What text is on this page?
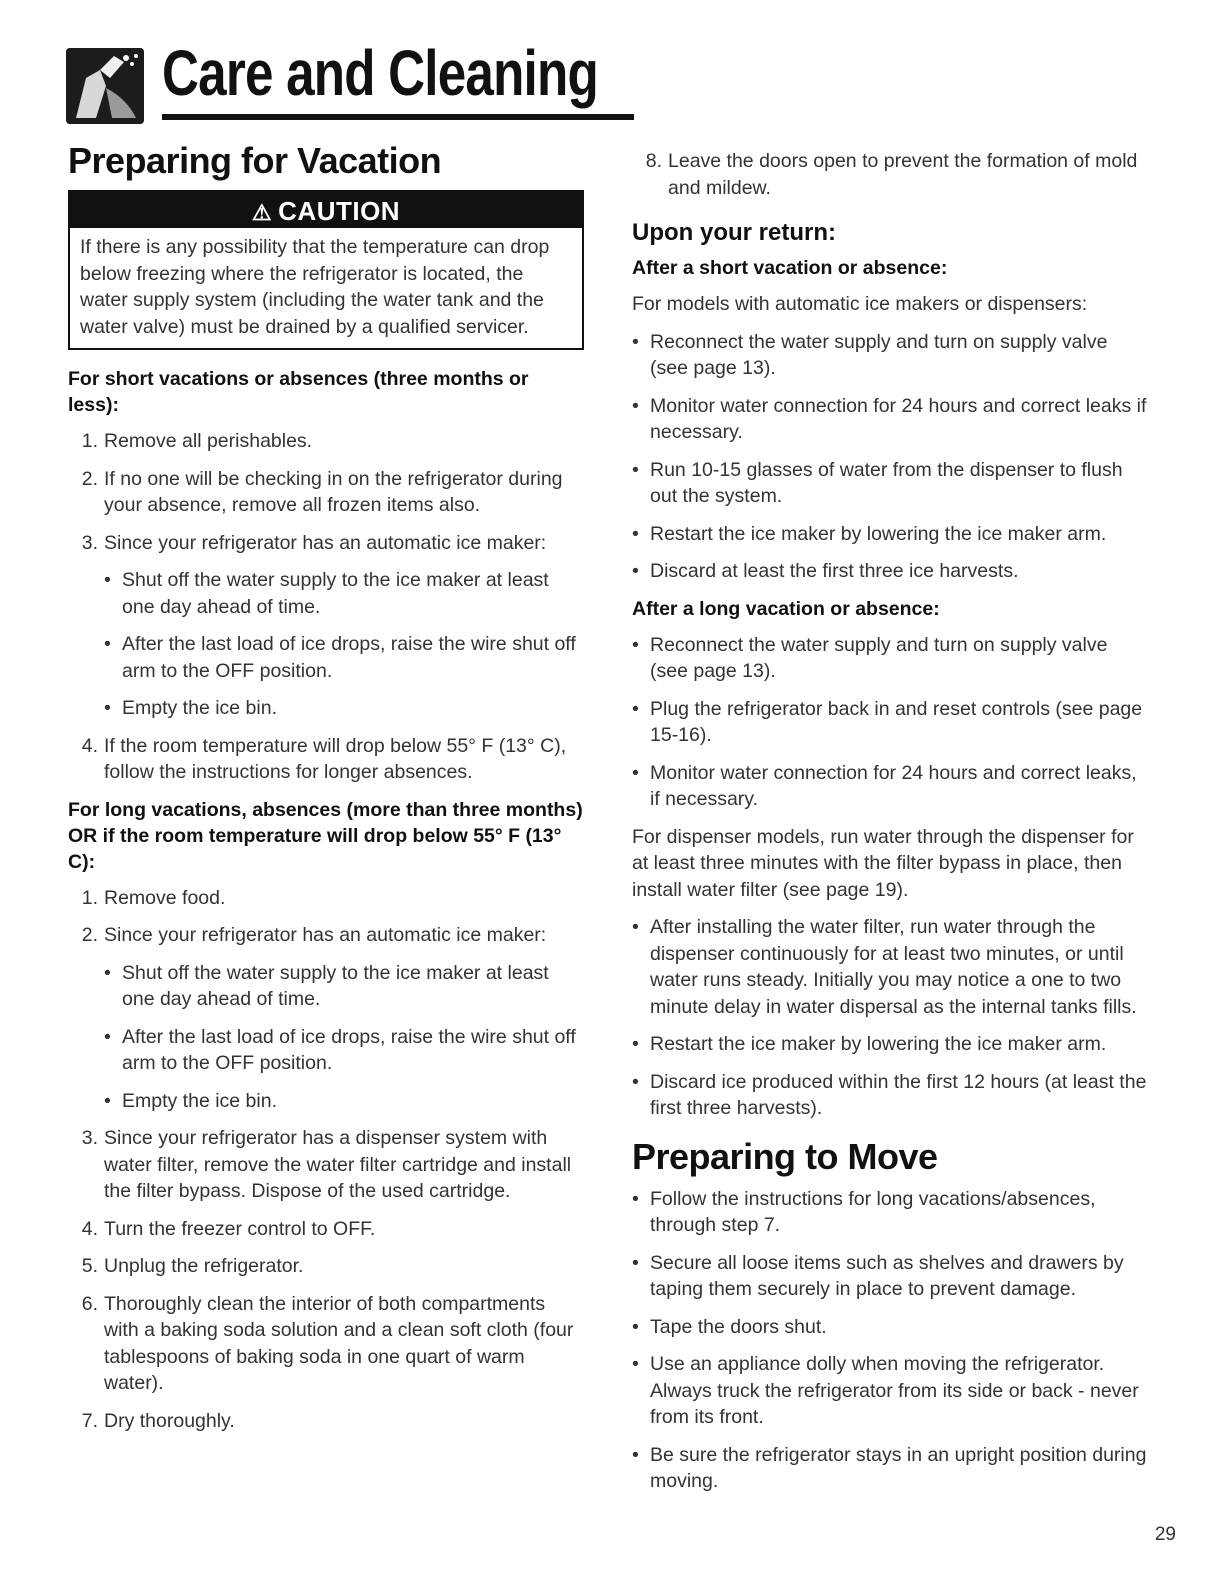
Care and Cleaning
Preparing for Vacation
⚠ CAUTION
If there is any possibility that the temperature can drop below freezing where the refrigerator is located, the water supply system (including the water tank and the water valve) must be drained by a qualified servicer.
For short vacations or absences (three months or less):
1 . Remove all perishables.
2 . If no one will be checking in on the refrigerator during your absence, remove all frozen items also.
3 . Since your refrigerator has an automatic ice maker:
• Shut off the water supply to the ice maker at least one day ahead of time.
• After the last load of ice drops, raise the wire shut off arm to the OFF position.
• Empty the ice bin.
4 . If the room temperature will drop below 55° F (13° C), follow the instructions for longer absences.
For long vacations, absences (more than three months) OR if the room temperature will drop below 55° F (13° C):
1 . Remove food.
2 . Since your refrigerator has an automatic ice maker:
• Shut off the water supply to the ice maker at least one day ahead of time.
• After the last load of ice drops, raise the wire shut off arm to the OFF position.
• Empty the ice bin.
3 . Since your refrigerator has a dispenser system with water filter, remove the water filter cartridge and install the filter bypass. Dispose of the used cartridge.
4 . Turn the freezer control to OFF.
5 . Unplug the refrigerator.
6 . Thoroughly clean the interior of both compartments with a baking soda solution and a clean soft cloth (four tablespoons of baking soda in one quart of warm water).
7 . Dry thoroughly.
8 . Leave the doors open to prevent the formation of mold and mildew.
Upon your return:
After a short vacation or absence:

For models with automatic ice makers or dispensers:

• Reconnect the water supply and turn on supply valve (see page 13).
• Monitor water connection for 24 hours and correct leaks if necessary.
• Run 10-15 glasses of water from the dispenser to flush out the system.
• Restart the ice maker by lowering the ice maker arm.
• Discard at least the first three ice harvests.
After a long vacation or absence:
• Reconnect the water supply and turn on supply valve (see page 13).
• Plug the refrigerator back in and reset controls (see page 15-16).
• Monitor water connection for 24 hours and correct leaks, if necessary.

For dispenser models, run water through the dispenser for at least three minutes with the filter bypass in place, then install water filter (see page 19).

• After installing the water filter, run water through the dispenser continuously for at least two minutes, or until water runs steady. Initially you may notice a one to two minute delay in water dispersal as the internal tanks fills.
• Restart the ice maker by lowering the ice maker arm.
• Discard ice produced within the first 12 hours (at least the first three harvests).
Preparing to Move
• Follow the instructions for long vacations/absences, through step 7.
• Secure all loose items such as shelves and drawers by taping them securely in place to prevent damage.
• Tape the doors shut.
• Use an appliance dolly when moving the refrigerator. Always truck the refrigerator from its side or back - never from its front.
• Be sure the refrigerator stays in an upright position during moving.
29
